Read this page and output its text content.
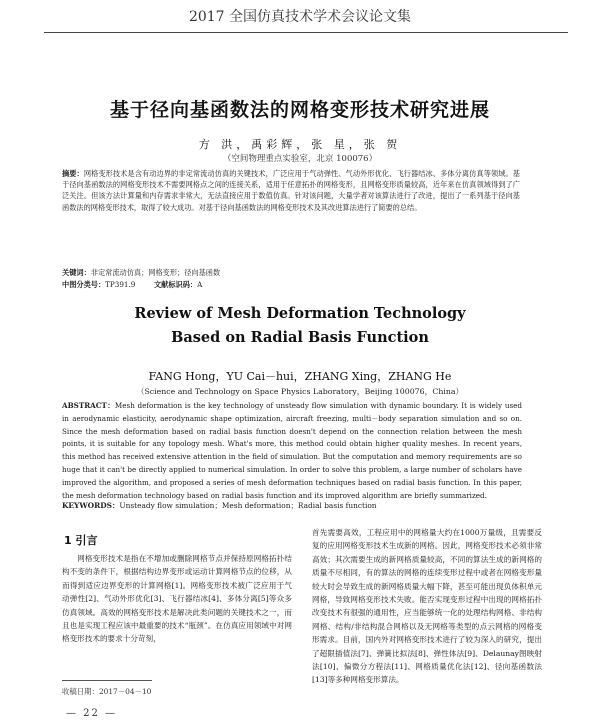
2017 全国仿真技术学术会议论文集
基于径向基函数法的网格变形技术研究进展
方 洪，禹彩辉，张 星，张 贺
（空间物理重点实验室，北京 100076）
摘要：网格变形技术是含有动边界的非定常流动仿真的关键技术，广泛应用于气动弹性、气动外形优化、飞行器结冰、多体分离仿真等领域。基于径向基函数法的网格变形技术不需要网格点之间的连接关系，适用于任意拓扑的网格变形，且网格变形质量较高，近年来在仿真领域得到了广泛关注。但该方法计算量和内存需求非常大，无法直接应用于数值仿真。针对该问题，大量学者对该算法进行了改进，提出了一系列基于径向基函数法的网格变形技术，取得了较大成功。对基于径向基函数法的网格变形技术及其改进算法进行了简要的总结。
关键词：非定常流动仿真；网格变形；径向基函数
中图分类号：TP391.9	文献标识码：A
Review of Mesh Deformation Technology
Based on Radial Basis Function
FANG Hong，YU Cai－hui，ZHANG Xing，ZHANG He
（Science and Technology on Space Physics Laboratory，Beijing 100076，China）
ABSTRACT：Mesh deformation is the key technology of unsteady flow simulation with dynamic boundary. It is widely used in aerodynamic elasticity, aerodynamic shape optimization, aircraft freezing, multi－body separation simulation and so on. Since the mesh deformation based on radial basis function doesn't depend on the connection relation between the mesh points, it is suitable for any topology mesh. What's more, this method could obtain higher quality meshes. In recent years, this method has received extensive attention in the field of simulation. But the computation and memory requirements are so huge that it can't be directly applied to numerical simulation. In order to solve this problem, a large number of scholars have improved the algorithm, and proposed a series of mesh deformation techniques based on radial basis function. In this paper, the mesh deformation technology based on radial basis function and its improved algorithm are briefly summarized.
KEYWORDS：Unsteady flow simulation；Mesh deformation；Radial basis function
1 引言
网格变形技术是指在不增加或删除网格节点并保持原网格拓扑结构不变的条件下，根据结构边界变形或运动计算网格节点的位移，从而得到适应边界变形的计算网格[1]。网格变形技术被广泛应用于气动弹性[2]、气动外形优化[3]、飞行器结冰[4]、多体分离[5]等众多仿真领域。高效的网格变形技术是解决此类问题的关键技术之一，而且也是实现工程应该中最重要的技术“瓶颈”。在仿真应用领域中对网格变形技术的要求十分苛刻，
首先需要高效，工程应用中的网格量大约在1000万量级，且需要反复的应用网格变形技术生成新的网格。因此，网格变形技术必须非常高效；其次需要生成的新网格质量较高，不同的算法生成的新网格的质量不尽相同，有的算法的网格的连续变形过程中或者在网格变形量较大时会导致生成的新网格质量大幅下降，甚至可能出现负体积单元网格，导致网格变形技术失败。能否实现变形过程中出现的网格拓扑改变技术有很强的通用性，应当能够统一化的处理结构网格、非结构网格、结构/非结构混合网格以及无网格等类型的点云网格的网格变形需求。目前，国内外对网格变形技术进行了较为深入的研究，提出了超限插值法[7]、弹簧比拟法[8]、弹性体法[9]、Delaunay图映射法[10]、偏微分方程法[11]、网格质量优化法[12]、径向基函数法[13]等多种网格变形算法。
收稿日期：2017－04－10
— 22 —
